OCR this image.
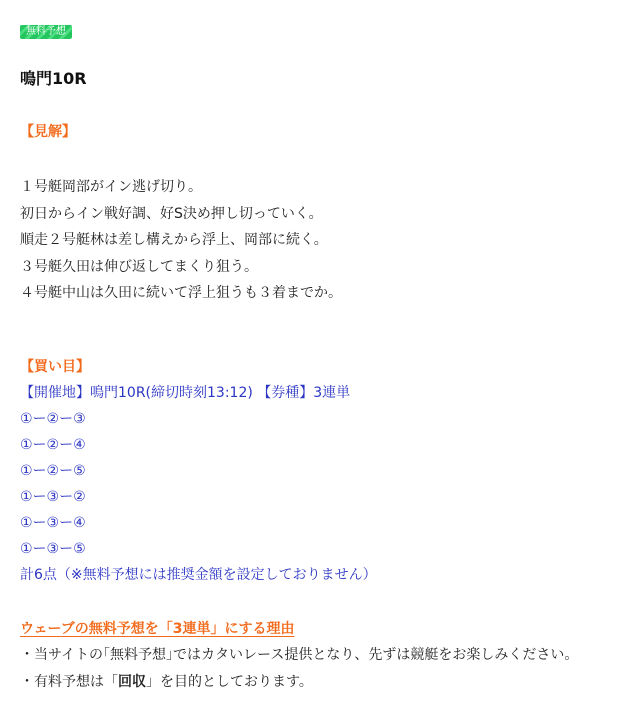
無料予想
鳴門10R
【見解】
１号艇岡部がイン逃げ切り。
初日からイン戦好調、好S決め押し切っていく。
順走２号艇林は差し構えから浮上、岡部に続く。
３号艇久田は伸び返してまくり狙う。
４号艇中山は久田に続いて浮上狙うも３着までか。
【買い目】
【開催地】鳴門10R(締切時刻13:12) 【券種】3連単
①ー②ー③
①ー②ー④
①ー②ー⑤
①ー③ー②
①ー③ー④
①ー③ー⑤
計6点（※無料予想には推奨金額を設定しておりません）
ウェーブの無料予想を「3連単」にする理由
・当サイトの｢無料予想｣ではカタいレース提供となり、先ずは競艇をお楽しみください。
・有料予想は「回収」を目的としております。
